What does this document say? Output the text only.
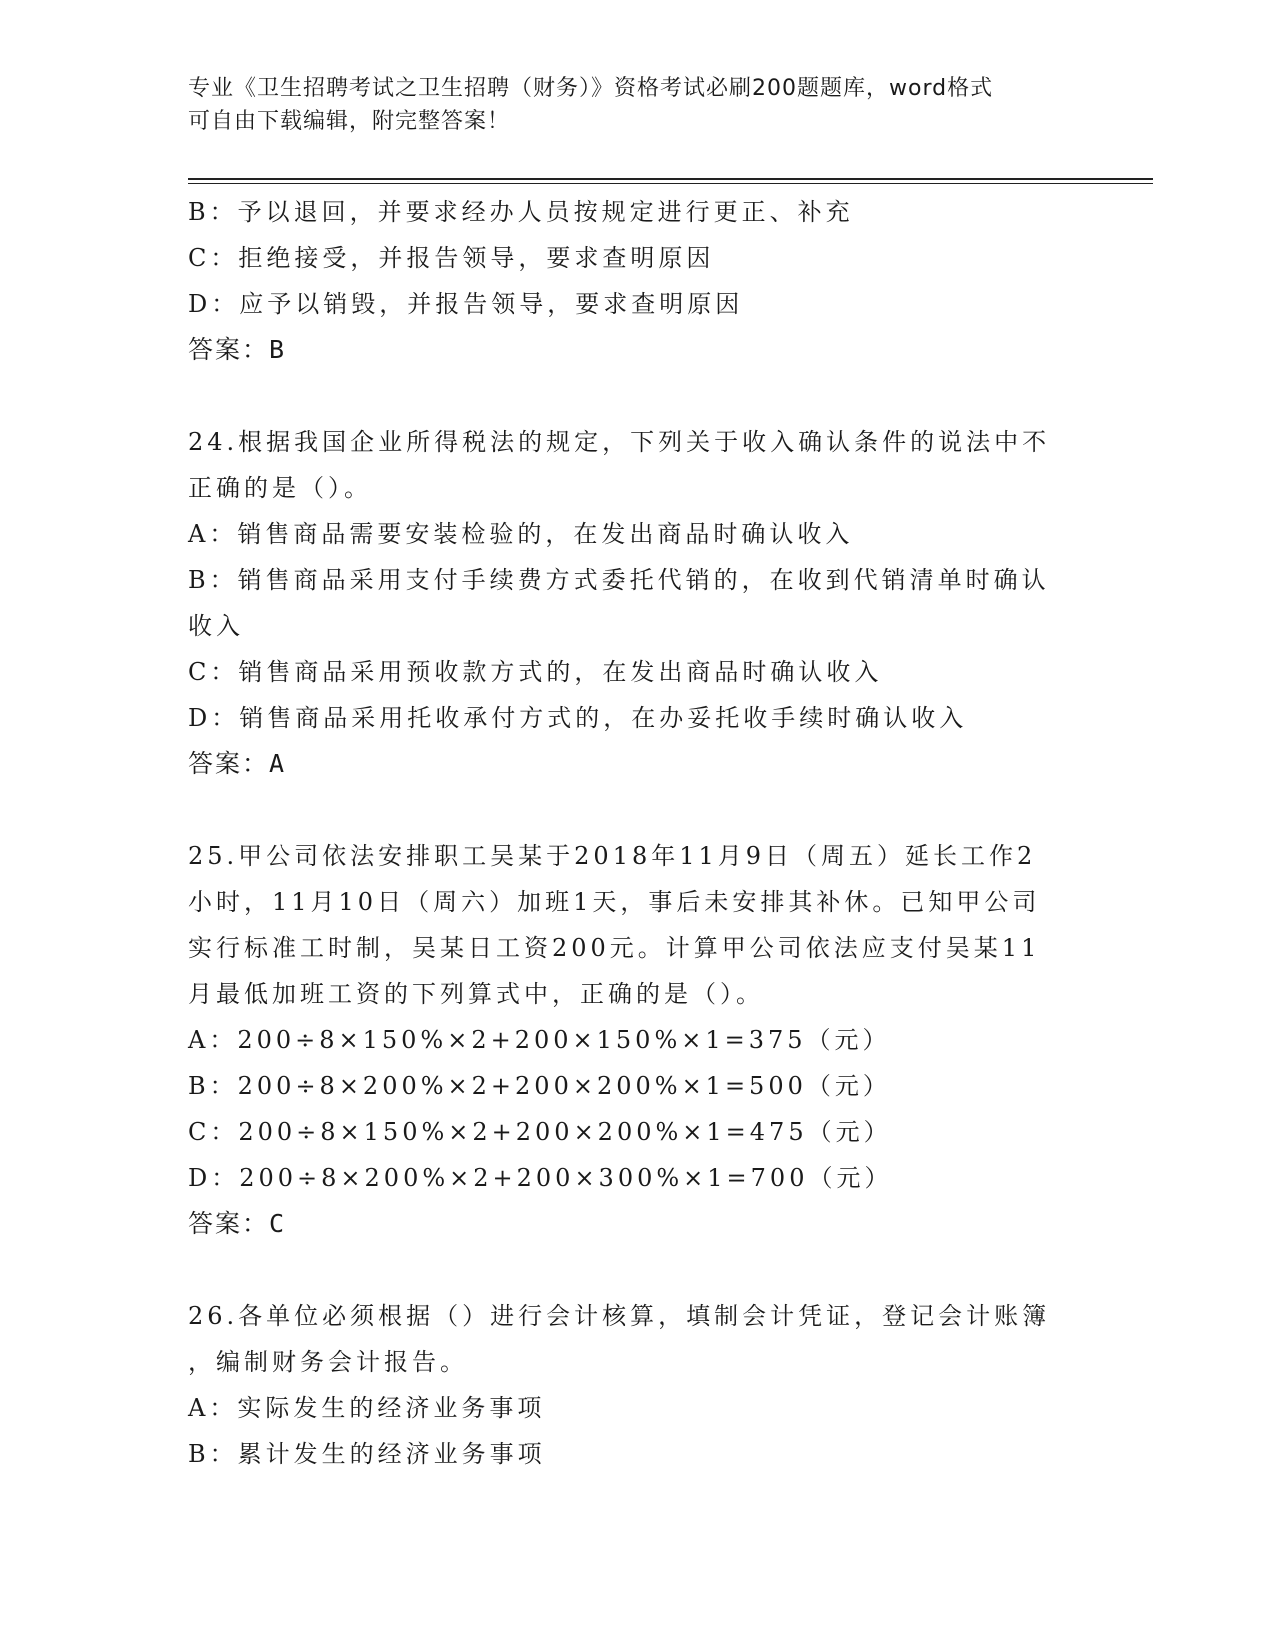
专业《卫生招聘考试之卫生招聘（财务）》资格考试必刷200题题库，word格式
可自由下载编辑，附完整答案！
B：予以退回，并要求经办人员按规定进行更正、补充
C：拒绝接受，并报告领导，要求查明原因
D：应予以销毁，并报告领导，要求查明原因
答案：B
24.根据我国企业所得税法的规定，下列关于收入确认条件的说法中不
正确的是（）。
A：销售商品需要安装检验的，在发出商品时确认收入
B：销售商品采用支付手续费方式委托代销的，在收到代销清单时确认
收入
C：销售商品采用预收款方式的，在发出商品时确认收入
D：销售商品采用托收承付方式的，在办妥托收手续时确认收入
答案：A
25.甲公司依法安排职工吴某于2018年11月9日（周五）延长工作2
小时，11月10日（周六）加班1天，事后未安排其补休。已知甲公司
实行标准工时制，吴某日工资200元。计算甲公司依法应支付吴某11
月最低加班工资的下列算式中，正确的是（）。
A：200÷8×150%×2+200×150%×1=375（元）
B：200÷8×200%×2+200×200%×1=500（元）
C：200÷8×150%×2+200×200%×1=475（元）
D：200÷8×200%×2+200×300%×1=700（元）
答案：C
26.各单位必须根据（）进行会计核算，填制会计凭证，登记会计账簿
，编制财务会计报告。
A：实际发生的经济业务事项
B：累计发生的经济业务事项
